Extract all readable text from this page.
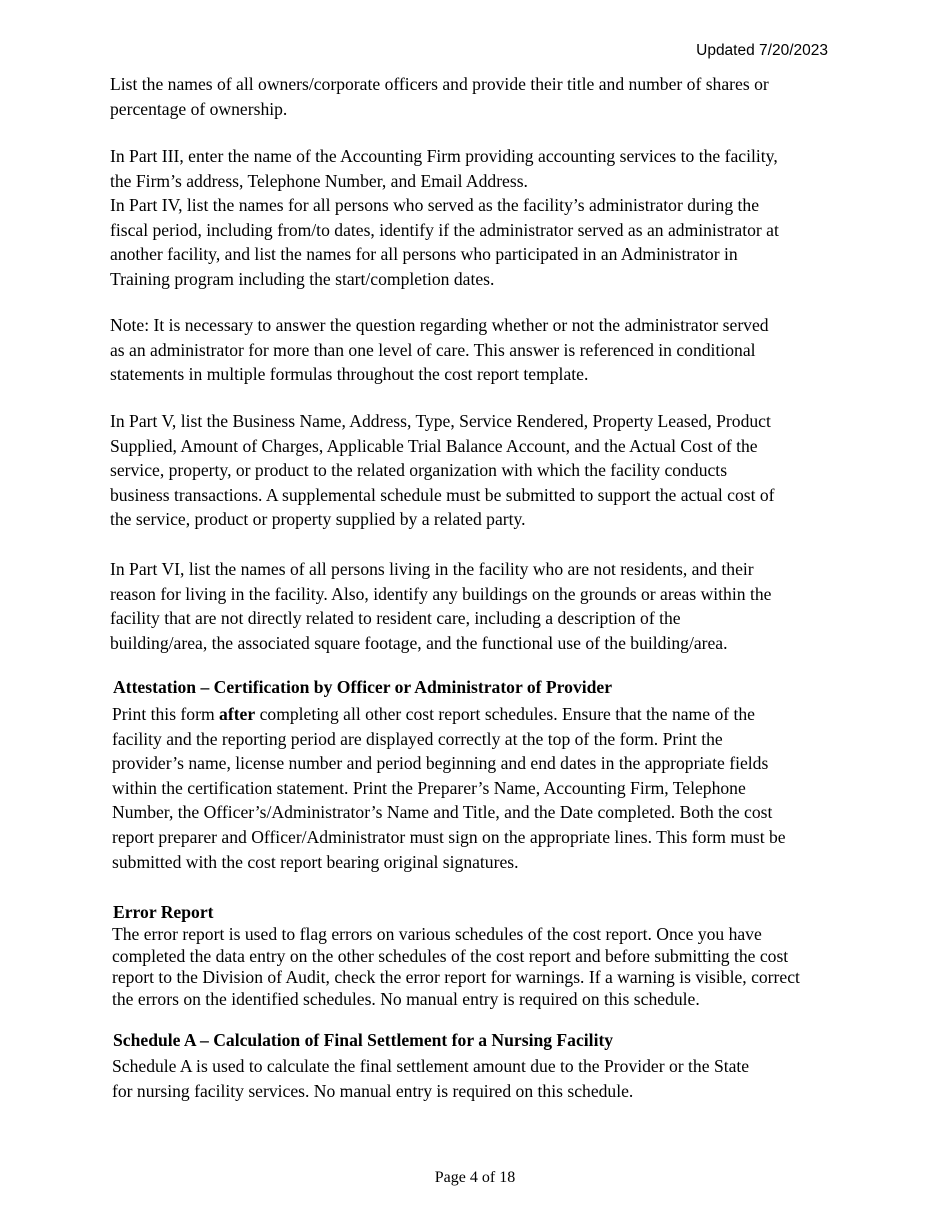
Updated 7/20/2023

List the names of all owners/corporate officers and provide their title and number of shares or
percentage of ownership.

In Part III, enter the name of the Accounting Firm providing accounting services to the facility,
the Firm’s address, Telephone Number, and Email Address.

In Part IV, list the names for all persons who served as the facility’s administrator during the
fiscal period, including from/to dates, identify if the administrator served as an administrator at
another facility, and list the names for all persons who participated in an Administrator in
Training program including the start/completion dates.

Note: It is necessary to answer the question regarding whether or not the administrator served
as an administrator for more than one level of care. This answer is referenced in conditional
statements in multiple formulas throughout the cost report template.

In Part V, list the Business Name, Address, Type, Service Rendered, Property Leased, Product
Supplied, Amount of Charges, Applicable Trial Balance Account, and the Actual Cost of the
service, property, or product to the related organization with which the facility conducts
business transactions. A supplemental schedule must be submitted to support the actual cost of
the service, product or property supplied by a related party.

In Part VI, list the names of all persons living in the facility who are not residents, and their
reason for living in the facility. Also, identify any buildings on the grounds or areas within the
facility that are not directly related to resident care, including a description of the
building/area, the associated square footage, and the functional use of the building/area.

Attestation – Certification by Officer or Administrator of Provider

Print this form after completing all other cost report schedules. Ensure that the name of the
facility and the reporting period are displayed correctly at the top of the form. Print the
provider’s name, license number and period beginning and end dates in the appropriate fields
within the certification statement. Print the Preparer’s Name, Accounting Firm, Telephone
Number, the Officer’s/Administrator’s Name and Title, and the Date completed. Both the cost
report preparer and Officer/Administrator must sign on the appropriate lines. This form must be
submitted with the cost report bearing original signatures.

Error Report

The error report is used to flag errors on various schedules of the cost report. Once you have
completed the data entry on the other schedules of the cost report and before submitting the cost
report to the Division of Audit, check the error report for warnings. If a warning is visible, correct
the errors on the identified schedules. No manual entry is required on this schedule.

Schedule A – Calculation of Final Settlement for a Nursing Facility

Schedule A is used to calculate the final settlement amount due to the Provider or the State
for nursing facility services. No manual entry is required on this schedule.

Page 4 of 18
